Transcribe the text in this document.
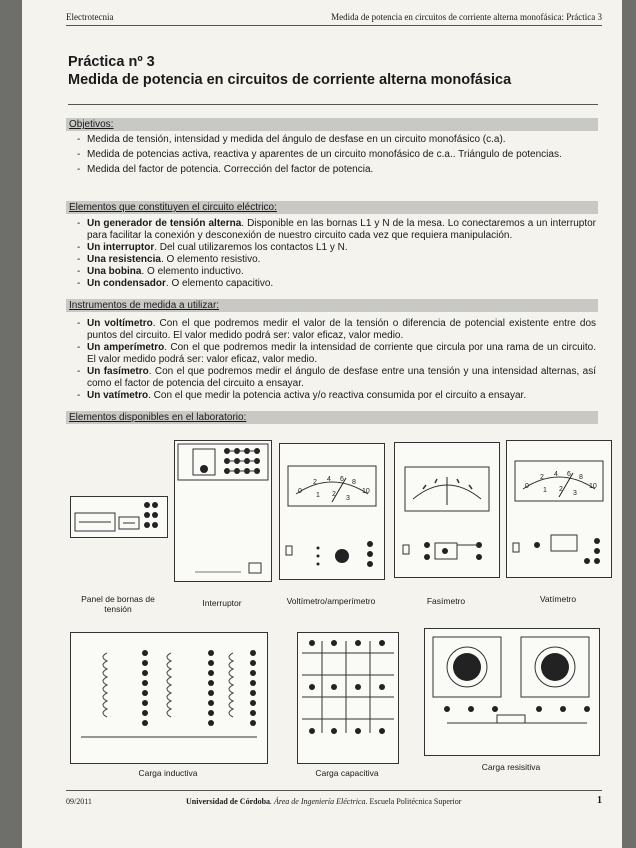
Electrotecnia	Medida de potencia en circuitos de corriente alterna monofásica: Práctica 3
Práctica nº 3
Medida de potencia en circuitos de corriente alterna monofásica
Objetivos:
- Medida de tensión, intensidad y medida del ángulo de desfase en un circuito monofásico (c.a).
- Medida de potencias activa, reactiva y aparentes de un circuito monofásico de c.a.. Triángulo de potencias.
- Medida del factor de potencia. Corrección del factor de potencia.
Elementos que constituyen el circuito eléctrico:
- Un generador de tensión alterna. Disponible en las bornas L1 y N de la mesa. Lo conectaremos a un interruptor para facilitar la conexión y desconexión de nuestro circuito cada vez que requiera manipulación.
- Un interruptor. Del cual utilizaremos los contactos L1 y N.
- Una resistencia. O elemento resistivo.
- Una bobina. O elemento inductivo.
- Un condensador. O elemento capacitivo.
Instrumentos de medida a utilizar:
- Un voltímetro. Con el que podremos medir el valor de la tensión o diferencia de potencial existente entre dos puntos del circuito. El valor medido podrá ser: valor eficaz, valor medio.
- Un amperímetro. Con el que podremos medir la intensidad de corriente que circula por una rama de un circuito. El valor medido podrá ser: valor eficaz, valor medio.
- Un fasímetro. Con el que podremos medir el ángulo de desfase entre una tensión y una intensidad alternas, así como el factor de potencia del circuito a ensayar.
- Un vatímetro. Con el que medir la potencia activa y/o reactiva consumida por el circuito a ensayar.
Elementos disponibles en el laboratorio:
Panel de bornas de tensión
Interruptor
0
2 4 6 8
10
1 2
3
Voltímetro/amperímetro	Fasímetro
0
2 4 6 8
10
1 2
3
Vatímetro
Carga inductiva	Carga capacitiva
Carga resisitiva
09/2011	Universidad de Córdoba. Área de Ingeniería Eléctrica. Escuela Politécnica Superior	1
